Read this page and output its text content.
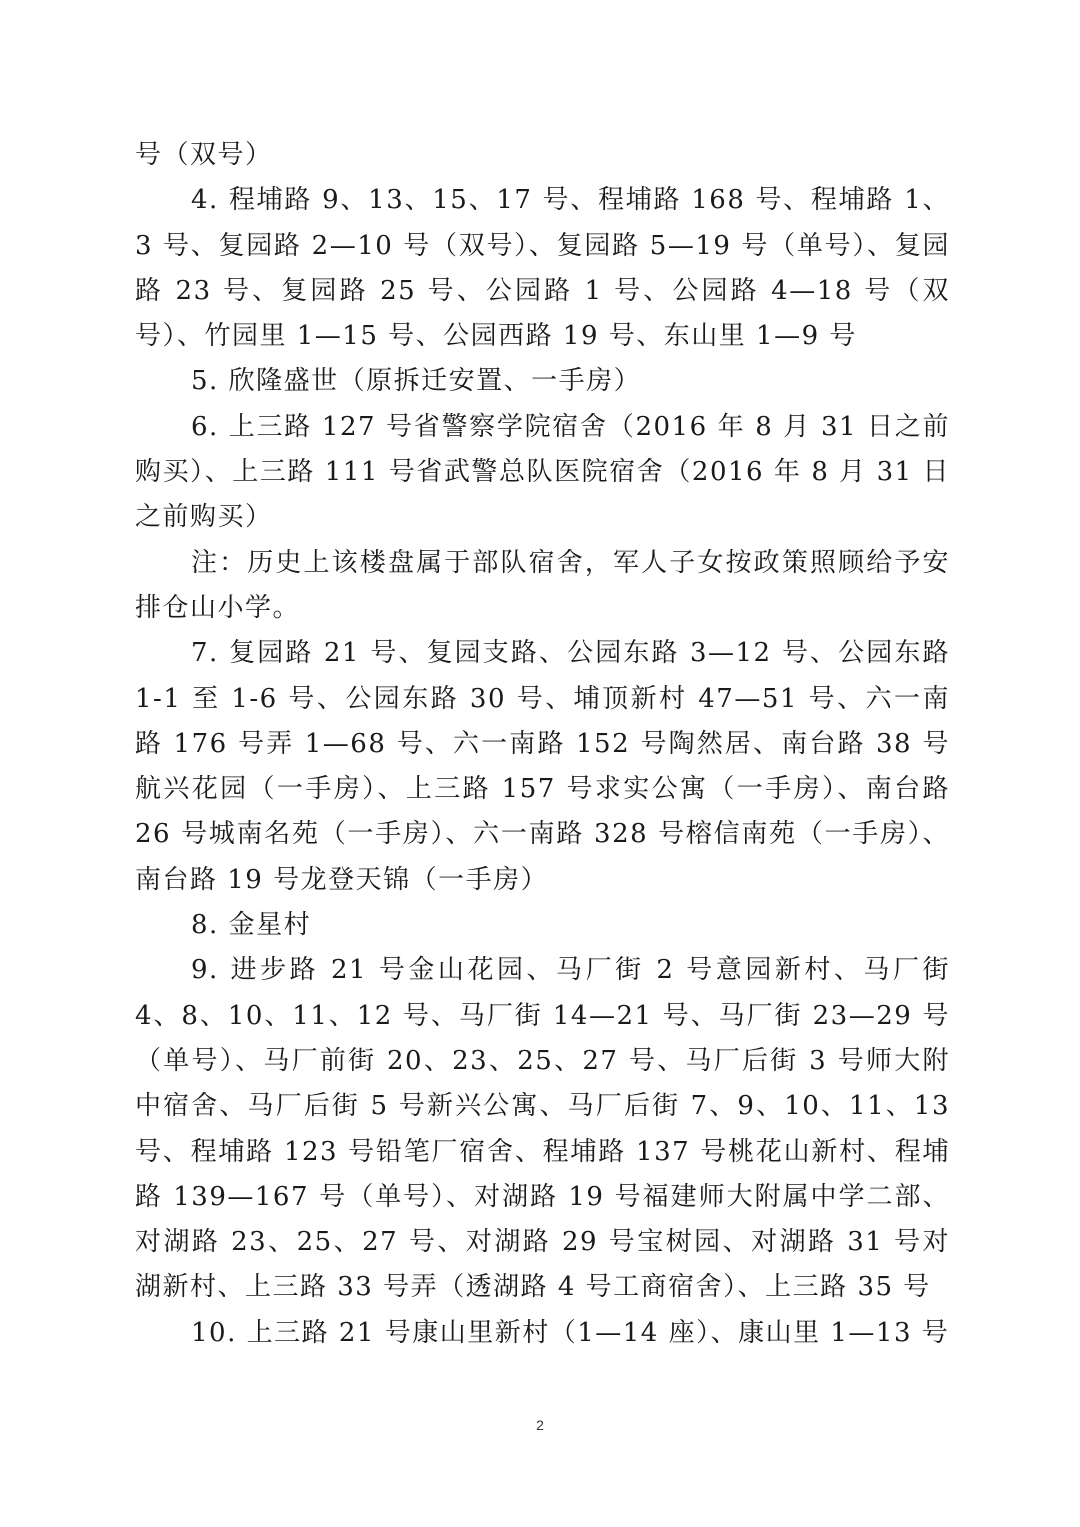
号（双号）

4. 程埔路 9、13、15、17 号、程埔路 168 号、程埔路 1、3 号、复园路 2—10 号（双号）、复园路 5—19 号（单号）、复园路 23 号、复园路 25 号、公园路 1 号、公园路 4—18 号（双号）、竹园里 1—15 号、公园西路 19 号、东山里 1—9 号

5. 欣隆盛世（原拆迁安置、一手房）

6. 上三路 127 号省警察学院宿舍（2016 年 8 月 31 日之前购买）、上三路 111 号省武警总队医院宿舍（2016 年 8 月 31 日之前购买）

注：历史上该楼盘属于部队宿舍，军人子女按政策照顾给予安排仓山小学。

7. 复园路 21 号、复园支路、公园东路 3—12 号、公园东路 1-1 至 1-6 号、公园东路 30 号、埔顶新村 47—51 号、六一南路 176 号弄 1—68 号、六一南路 152 号陶然居、南台路 38 号航兴花园（一手房）、上三路 157 号求实公寓（一手房）、南台路 26 号城南名苑（一手房）、六一南路 328 号榕信南苑（一手房）、南台路 19 号龙登天锦（一手房）

8. 金星村

9. 进步路 21 号金山花园、马厂街 2 号意园新村、马厂街 4、8、10、11、12 号、马厂街 14—21 号、马厂街 23—29 号（单号）、马厂前街 20、23、25、27 号、马厂后街 3 号师大附中宿舍、马厂后街 5 号新兴公寓、马厂后街 7、9、10、11、13 号、程埔路 123 号铅笔厂宿舍、程埔路 137 号桃花山新村、程埔路 139—167 号（单号）、对湖路 19 号福建师大附属中学二部、对湖路 23、25、27 号、对湖路 29 号宝树园、对湖路 31 号对湖新村、上三路 33 号弄（透湖路 4 号工商宿舍）、上三路 35 号

10. 上三路 21 号康山里新村（1—14 座）、康山里 1—13 号

2
